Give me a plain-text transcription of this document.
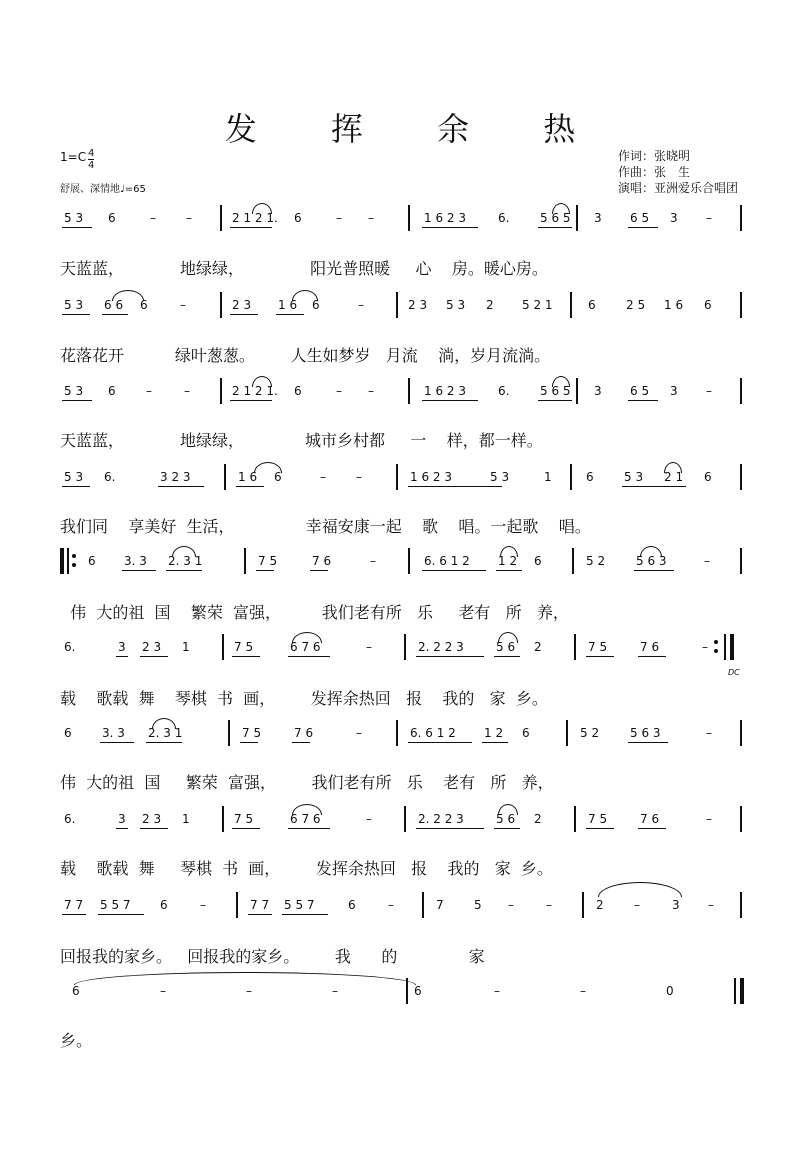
发 挥 余 热
1=C 4
4
舒展、深情地♩=65
作词：张晓明
作曲：张　生
演唱：亚洲爱乐合唱团
DC
5 3 6	–	–	2 1 2 1. 6	– –	1 6 2 3	6.	5 6 5 3 6 5 3 –
天蓝蓝，           地绿绿，             阳光普照暖     心    房。暖心房。
5 3 6 6 6	–	2 3 1 6 6	–	2 3 5 3 2 5 2 1	6	2 5 1 6 6
花落花开          绿叶葱葱。       人生如梦岁   月流    淌，岁月流淌。
5 3 6	–	–	2 1 2 1. 6	– –	1 6 2 3	6.	5 6 5 3 6 5 3 –
天蓝蓝，           地绿绿，            城市乡村都     一    样，都一样。
5 3 6.	3 2 3	1 6 6	–	–	1 6 2 3	5 3	1	6	5 3 2 1 6
我们同    享美好  生活，              幸福安康一起    歌    唱。一起歌    唱。
6 3. 3 2. 3 1	7 5	7 6	–	6. 6 1 2 1 2 6	5 2	5 6 3	–
伟  大的祖  国    繁荣  富强，        我们老有所   乐     老有   所   养，
6.	3 2 3 1	7 5	6 7 6	–	2. 2 2 3	5 6 2	7 5	7 6	–
载    歌载  舞    琴棋  书  画，       发挥余热回   报    我的   家  乡。
6	3. 3 2. 3 1	7 5	7 6	–	6. 6 1 2 1 2 6	5 2	5 6 3	–
伟  大的祖  国     繁荣  富强，       我们老有所   乐    老有   所   养，
6.	3 2 3 1	7 5	6 7 6	–	2. 2 2 3	5 6 2	7 5	7 6	–
载    歌载  舞     琴棋  书  画，       发挥余热回   报    我的   家  乡。
7 7 5 5 7 6	–	7 7 5 5 7	6	–	7	5 –	–	2	–	3 –
回报我的家乡。   回报我的家乡。       我      的              家
6	–	–	–	6	–	–	0
乡。
